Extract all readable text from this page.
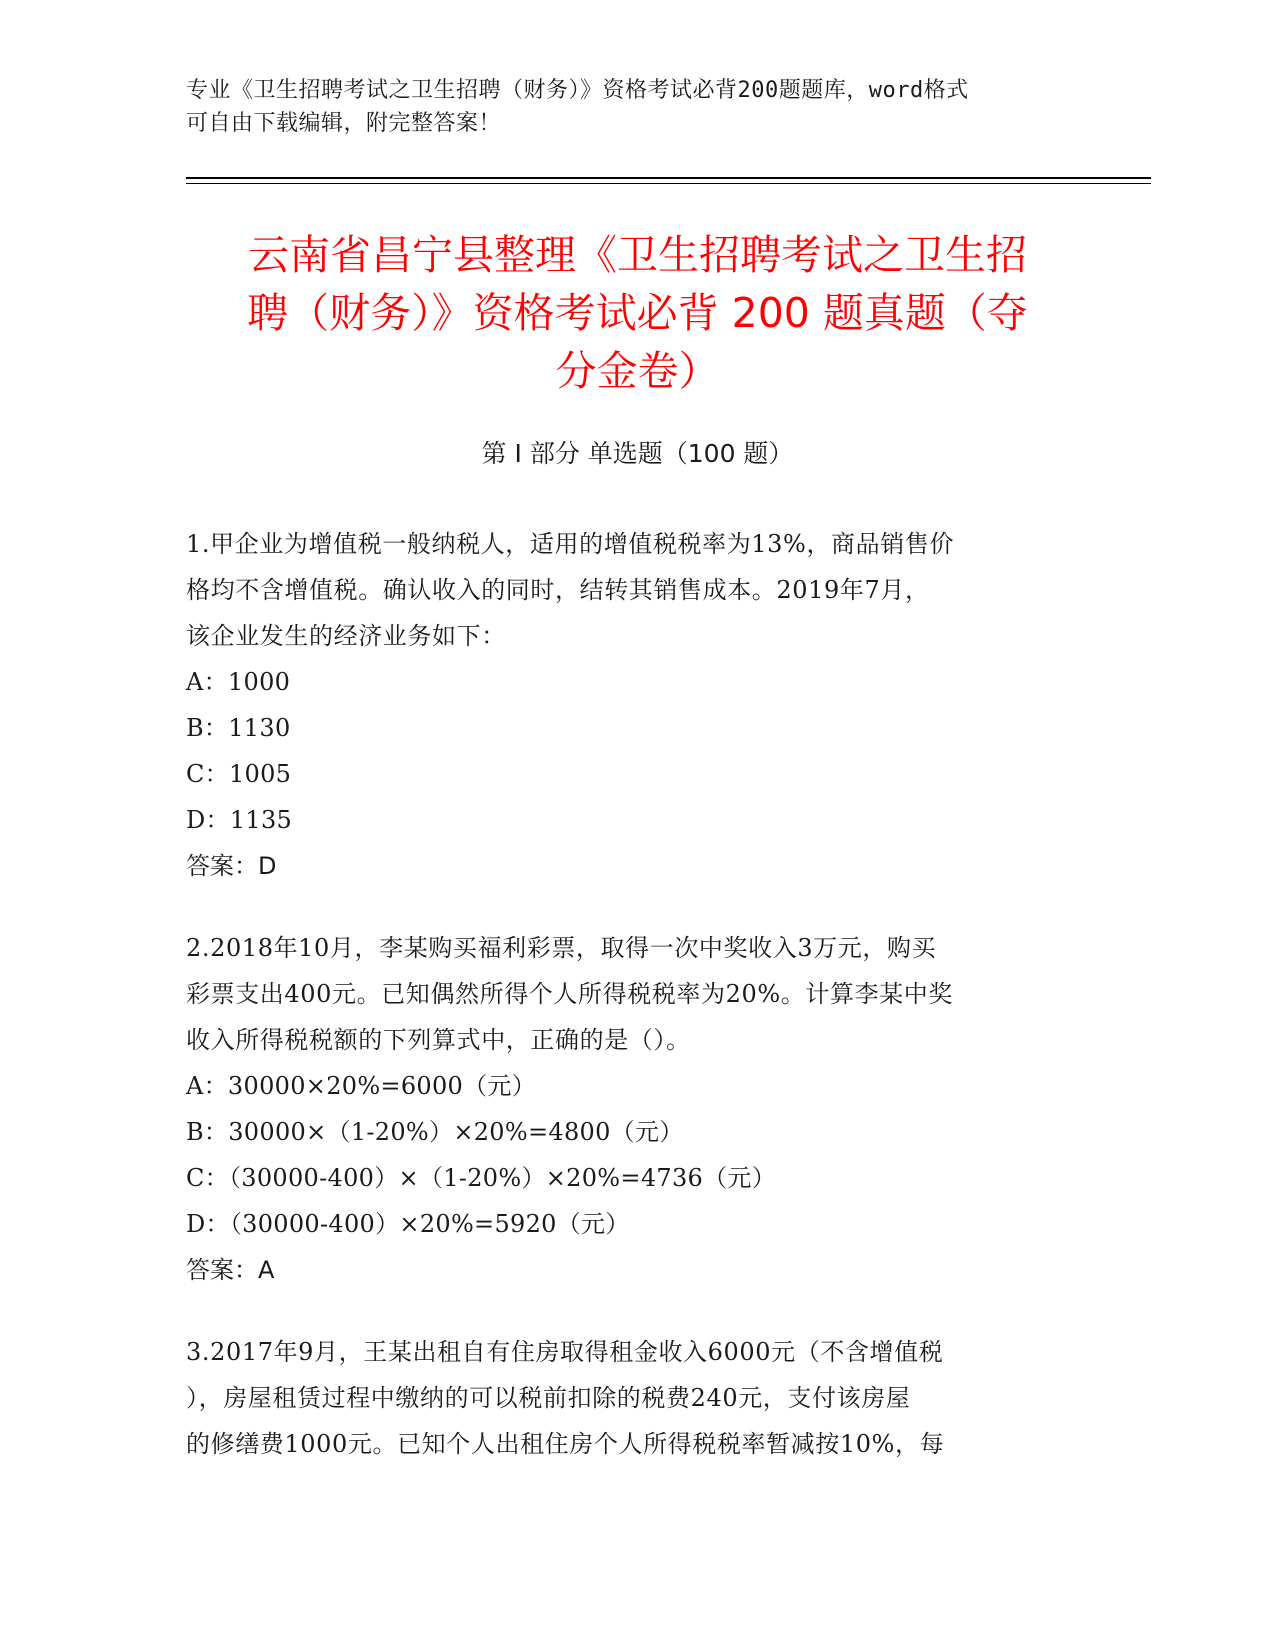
专业《卫生招聘考试之卫生招聘（财务）》资格考试必背200题题库，word格式
可自由下载编辑，附完整答案！
云南省昌宁县整理《卫生招聘考试之卫生招
聘（财务）》资格考试必背 200 题真题（夺
分金卷）
第 I 部分 单选题（100 题）
1.甲企业为增值税一般纳税人，适用的增值税税率为13%，商品销售价
格均不含增值税。确认收入的同时，结转其销售成本。2019年7月，
该企业发生的经济业务如下：
A：1000
B：1130
C：1005
D：1135
答案：D
2.2018年10月，李某购买福利彩票，取得一次中奖收入3万元，购买
彩票支出400元。已知偶然所得个人所得税税率为20%。计算李某中奖
收入所得税税额的下列算式中，正确的是（）。
A：30000×20%=6000（元）
B：30000×（1-20%）×20%=4800（元）
C：（30000-400）×（1-20%）×20%=4736（元）
D：（30000-400）×20%=5920（元）
答案：A
3.2017年9月，王某出租自有住房取得租金收入6000元（不含增值税
），房屋租赁过程中缴纳的可以税前扣除的税费240元，支付该房屋
的修缮费1000元。已知个人出租住房个人所得税税率暂减按10%，每
